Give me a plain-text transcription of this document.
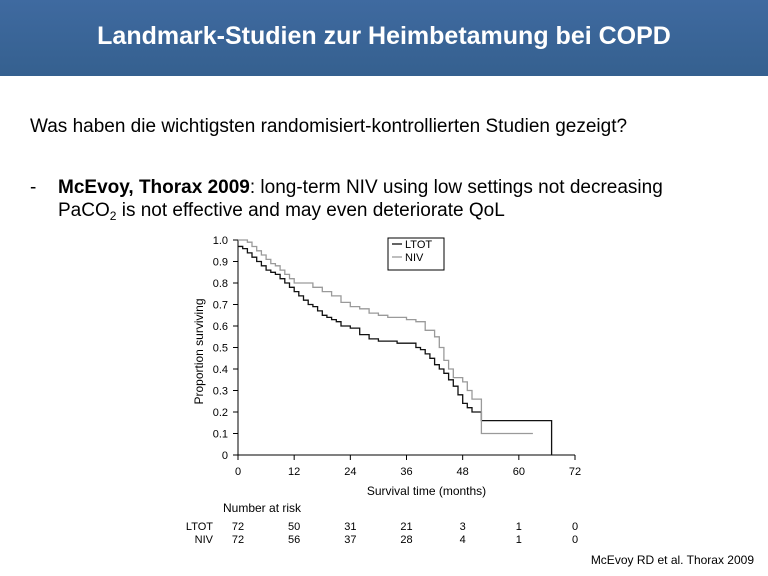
Landmark-Studien zur Heimbetamung bei COPD
Was haben die wichtigsten randomisiert-kontrollierten Studien gezeigt?
- McEvoy, Thorax 2009: long-term NIV using low settings not decreasing
PaCO$_2$ is not effective and may even deteriorate QoL
0	12	24	36	48	60	72
0
0.1
0.2
0.3
0.4
0.5
0.6
0.7
0.8
0.9
1.0
Survival time (months)
Proportion surviving
LTOT
NIV
Number at risk
LTOT 72	50	31	21	3	1	0
NIV 72	56	37	28	4	1	0
McEvoy RD et al. Thorax 2009
